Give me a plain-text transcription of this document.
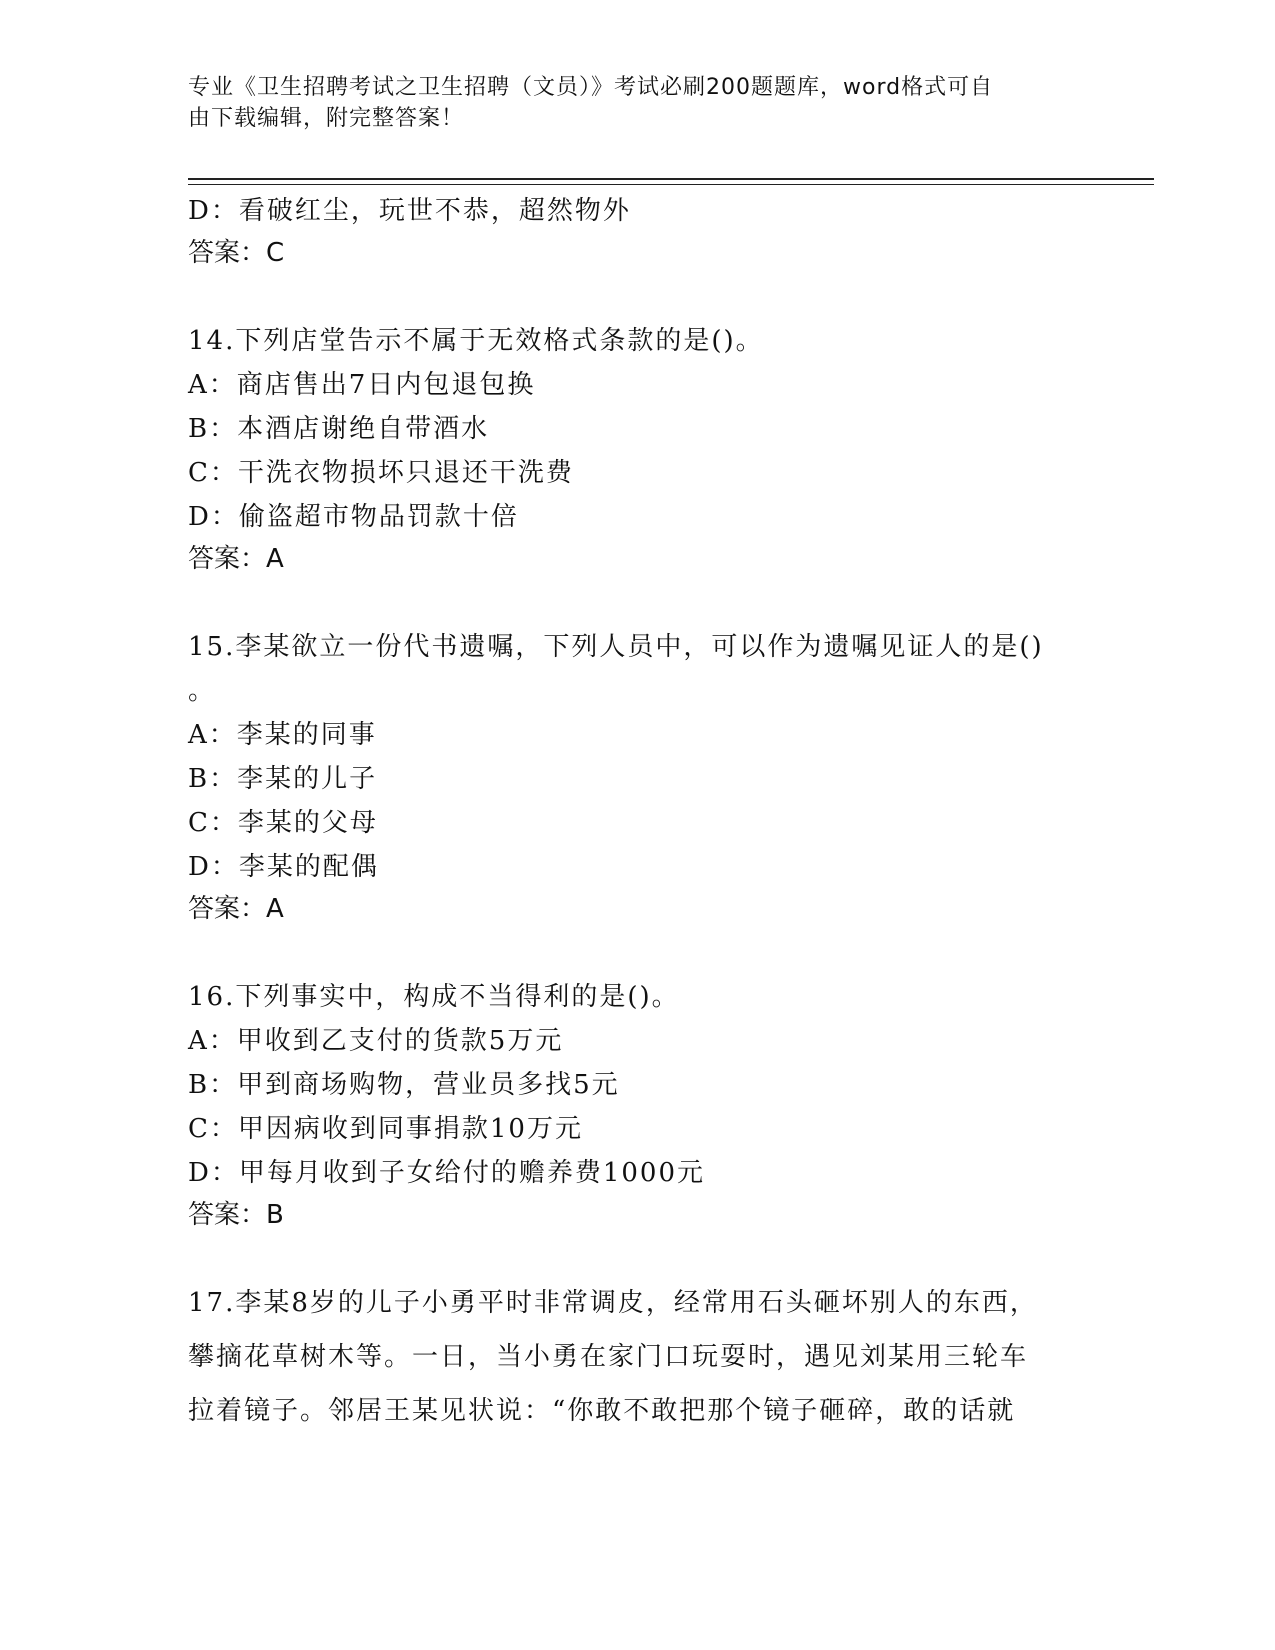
专业《卫生招聘考试之卫生招聘（文员）》考试必刷200题题库，word格式可自
由下载编辑，附完整答案！
D：看破红尘，玩世不恭，超然物外
答案：C
14.下列店堂告示不属于无效格式条款的是()。
A：商店售出7日内包退包换
B：本酒店谢绝自带酒水
C：干洗衣物损坏只退还干洗费
D：偷盗超市物品罚款十倍
答案：A
15.李某欲立一份代书遗嘱，下列人员中，可以作为遗嘱见证人的是()
。
A：李某的同事
B：李某的儿子
C：李某的父母
D：李某的配偶
答案：A
16.下列事实中，构成不当得利的是()。
A：甲收到乙支付的货款5万元
B：甲到商场购物，营业员多找5元
C：甲因病收到同事捐款10万元
D：甲每月收到子女给付的赡养费1000元
答案：B
17.李某8岁的儿子小勇平时非常调皮，经常用石头砸坏别人的东西，
攀摘花草树木等。一日，当小勇在家门口玩耍时，遇见刘某用三轮车
拉着镜子。邻居王某见状说：“你敢不敢把那个镜子砸碎，敢的话就
